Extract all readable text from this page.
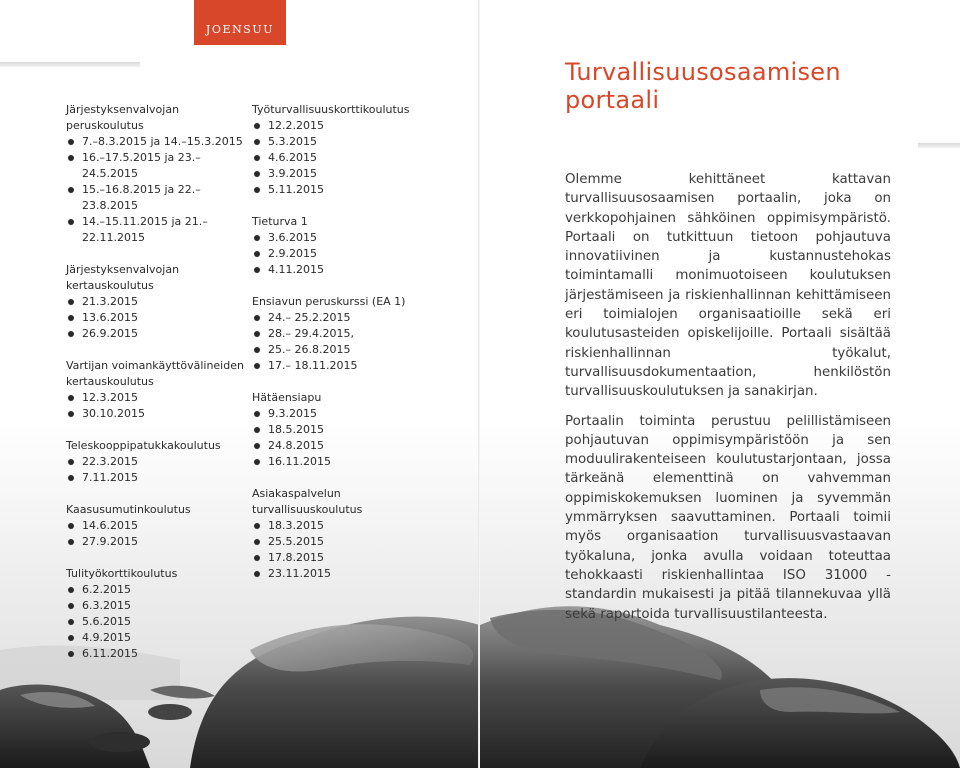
JOENSUU
Järjestyksenvalvojan peruskoulutus
7.–8.3.2015 ja 14.–15.3.2015
16.–17.5.2015 ja 23.–24.5.2015
15.–16.8.2015 ja 22.–23.8.2015
14.–15.11.2015 ja 21.–22.11.2015
Järjestyksenvalvojan kertauskoulutus
21.3.2015
13.6.2015
26.9.2015
Vartijan voimankäyttövälineiden kertauskoulutus
12.3.2015
30.10.2015
Teleskooppipatukkakoulutus
22.3.2015
7.11.2015
Kaasusumutinkoulutus
14.6.2015
27.9.2015
Tulityökorttikoulutus
6.2.2015
6.3.2015
5.6.2015
4.9.2015
6.11.2015
Työturvallisuuskorttikoulutus
12.2.2015
5.3.2015
4.6.2015
3.9.2015
5.11.2015
Tieturva 1
3.6.2015
2.9.2015
4.11.2015
Ensiavun peruskurssi (EA 1)
24.– 25.2.2015
28.– 29.4.2015,
25.– 26.8.2015
17.– 18.11.2015
Hätäensiapu
9.3.2015
18.5.2015
24.8.2015
16.11.2015
Asiakaspalvelun turvallisuuskoulutus
18.3.2015
25.5.2015
17.8.2015
23.11.2015
Turvallisuusosaamisen portaali

Olemme kehittäneet kattavan turvallisuusosaamisen portaalin, joka on verkkopohjainen sähköinen oppimisympäristö. Portaali on tutkittuun tietoon pohjautuva innovatiivinen ja kustannustehokas toimintamalli monimuotoiseen koulutuksen järjestämiseen ja riskienhallinnan kehittämiseen eri toimialojen organisaatioille sekä eri koulutusasteiden opiskelijoille. Portaali sisältää riskienhallinnan työkalut, turvallisuusdokumentaation, henkilöstön turvallisuuskoulutuksen ja sanakirjan.

Portaalin toiminta perustuu pelillistämiseen pohjautuvan oppimisympäristöön ja sen moduulirakenteiseen koulutustarjontaan, jossa tärkeänä elementtinä on vahvemman oppimiskokemuksen luominen ja syvemmän ymmärryksen saavuttaminen. Portaali toimii myös organisaation turvallisuusvastaavan työkaluna, jonka avulla voidaan toteuttaa tehokkaasti riskienhallintaa ISO 31000 -standardin mukaisesti ja pitää tilannekuvaa yllä sekä raportoida turvallisuustilanteesta.
